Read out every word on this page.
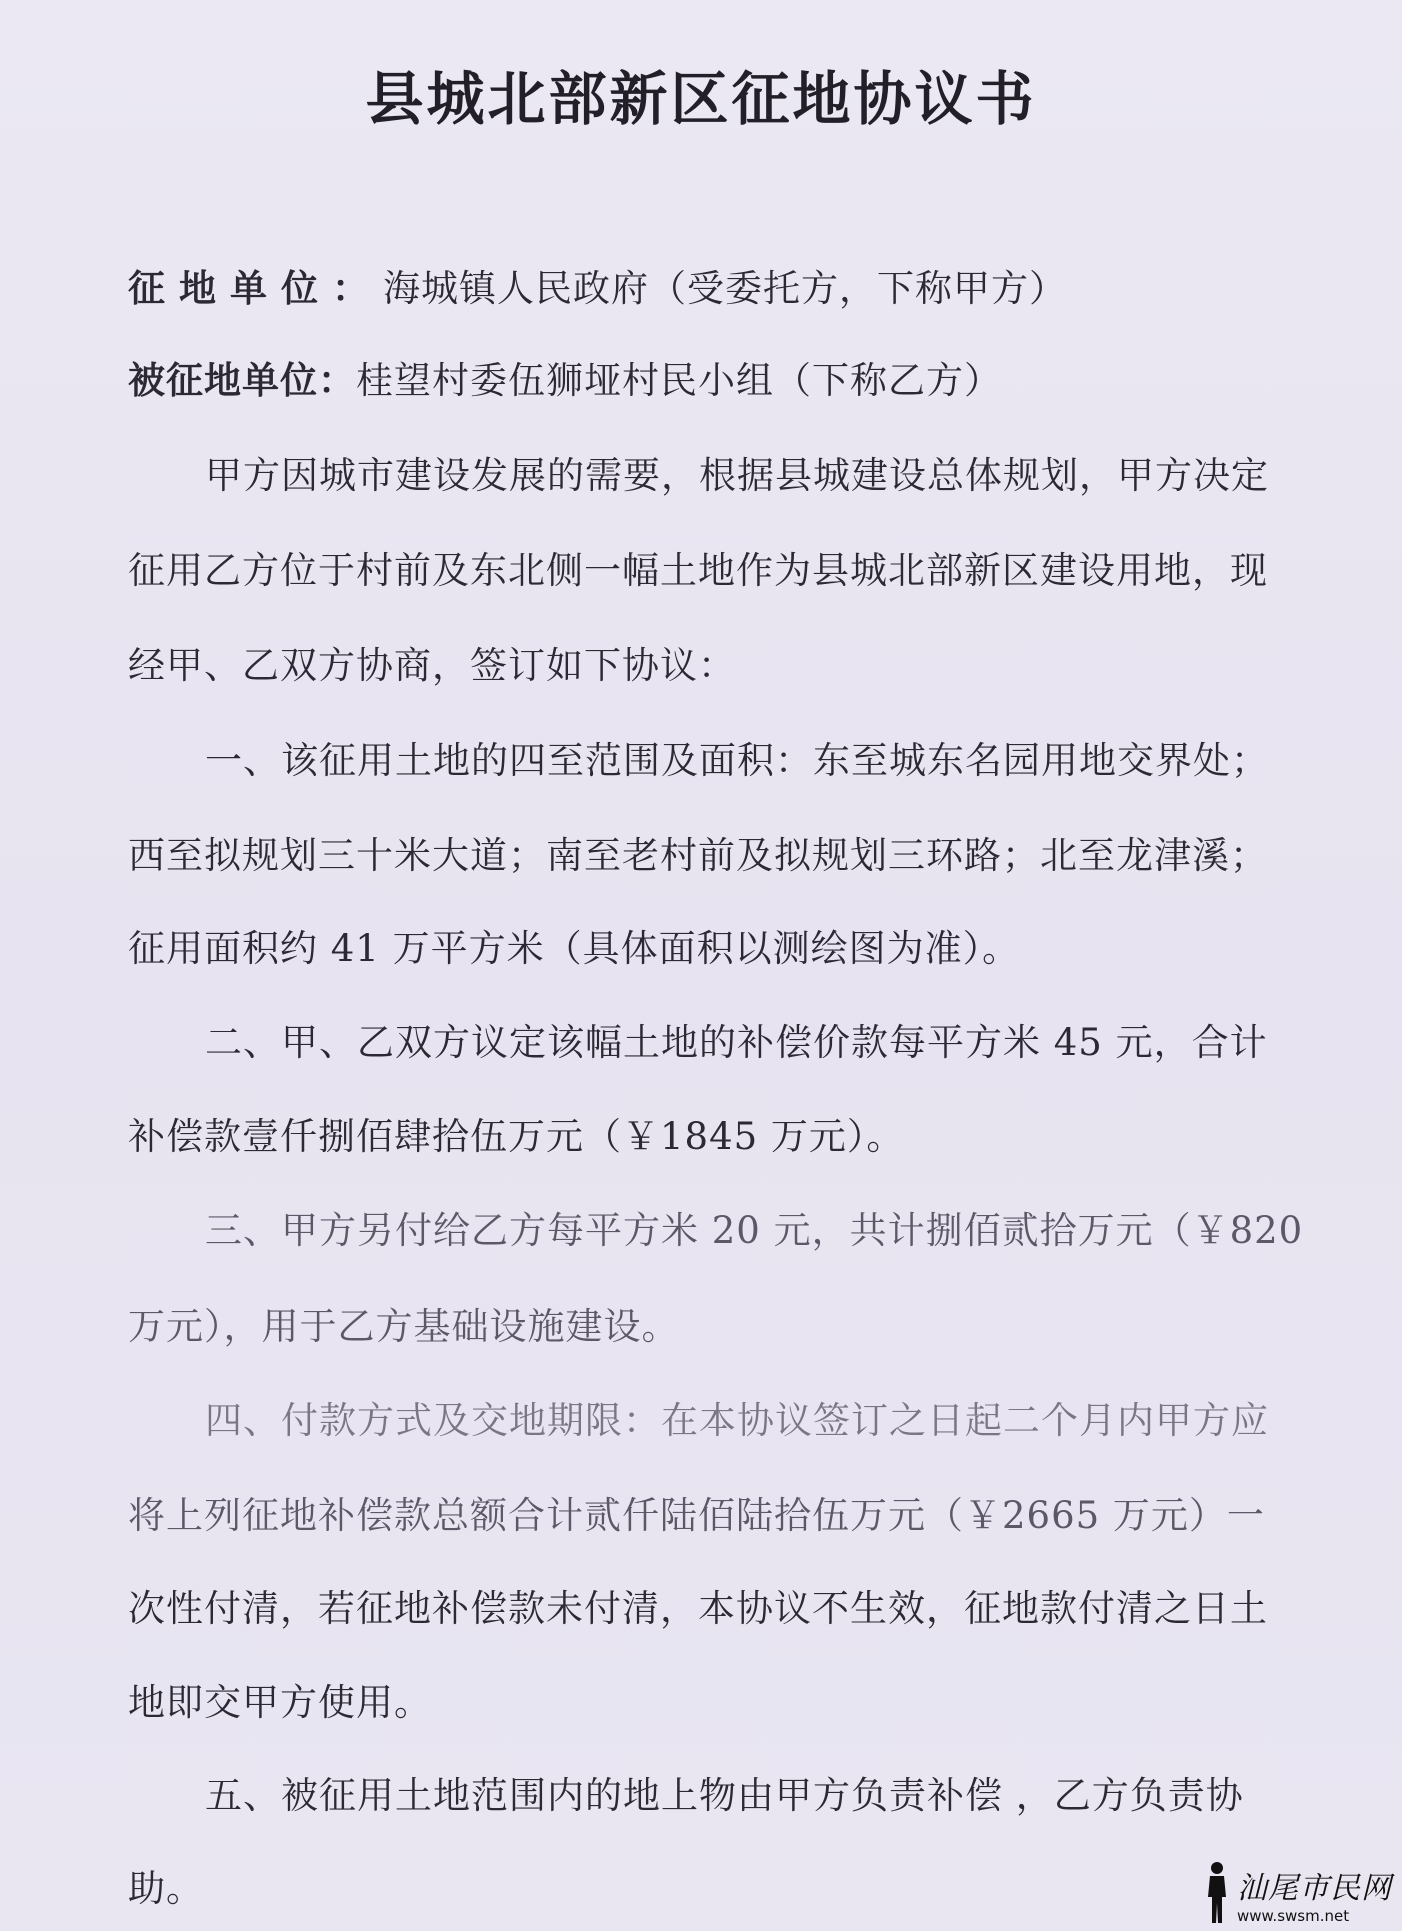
县城北部新区征地协议书
征地单位：海城镇人民政府（受委托方，下称甲方）
被征地单位：桂望村委伍狮垭村民小组（下称乙方）
甲方因城市建设发展的需要，根据县城建设总体规划，甲方决定
征用乙方位于村前及东北侧一幅土地作为县城北部新区建设用地，现
经甲、乙双方协商，签订如下协议：
一、该征用土地的四至范围及面积：东至城东名园用地交界处；
西至拟规划三十米大道；南至老村前及拟规划三环路；北至龙津溪；
征用面积约 41 万平方米（具体面积以测绘图为准）。
二、甲、乙双方议定该幅土地的补偿价款每平方米 45 元，合计
补偿款壹仟捌佰肆拾伍万元（￥1845 万元）。
三、甲方另付给乙方每平方米 20 元，共计捌佰贰拾万元（￥820
万元），用于乙方基础设施建设。
四、付款方式及交地期限：在本协议签订之日起二个月内甲方应
将上列征地补偿款总额合计贰仟陆佰陆拾伍万元（￥2665 万元）一
次性付清，若征地补偿款未付清，本协议不生效，征地款付清之日土
地即交甲方使用。
五、被征用土地范围内的地上物由甲方负责补偿 ，乙方负责协
助。	汕尾市民网
www.swsm.net
